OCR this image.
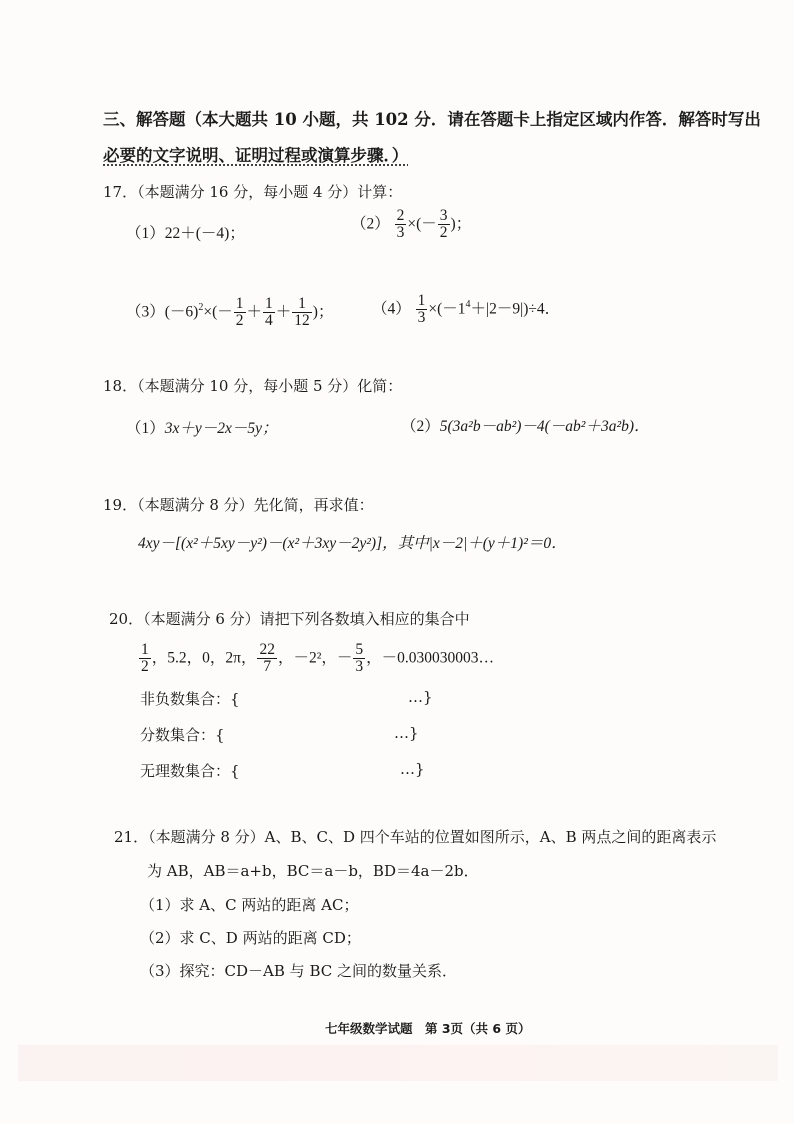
三、解答题（本大题共 10 小题，共 102 分．请在答题卡上指定区域内作答．解答时写出
必要的文字说明、证明过程或演算步骤．）
17．（本题满分 16 分，每小题 4 分）计算：
（1）22＋(－4)；
$(2) \frac{2}{3}$ ×(－ $\frac{3}{2}$ )；
$(3)(-6)^2\times(- \frac{1}{2} + \frac{1}{4} + \frac{1}{12}$ )； $(4) \frac{1}{3} \times(-1^4+|2-9|)\div 4$．
18．（本题满分 10 分，每小题 5 分）化简：
（1）3x＋y－2x－5y；	（2）5(3a²b－ab²)－4(－ab²＋3a²b)．
19．（本题满分 8 分）先化简，再求值：
4xy－[(x²＋5xy－y²)－(x²＋3xy－2y²)]，其中|x－2|＋(y＋1)²＝0．
20．（本题满分 6 分）请把下列各数填入相应的集合中
$\frac{1}{2}$ ，5.2，0，2π， $\frac{22}{7}$ ，－2²，－ $\frac{5}{3}$ ，－0.030030003…
非负数集合：{	…}
分数集合：{	…}
无理数集合：{	…}
21．（本题满分 8 分）A、B、C、D 四个车站的位置如图所示，A、B 两点之间的距离表示
为 AB，AB＝a+b，BC＝a－b，BD＝4a－2b．
（1）求 A、C 两站的距离 AC；
（2）求 C、D 两站的距离 CD；
（3）探究：CD－AB 与 BC 之间的数量关系．
七年级数学试题　第 3页（共 6 页）
